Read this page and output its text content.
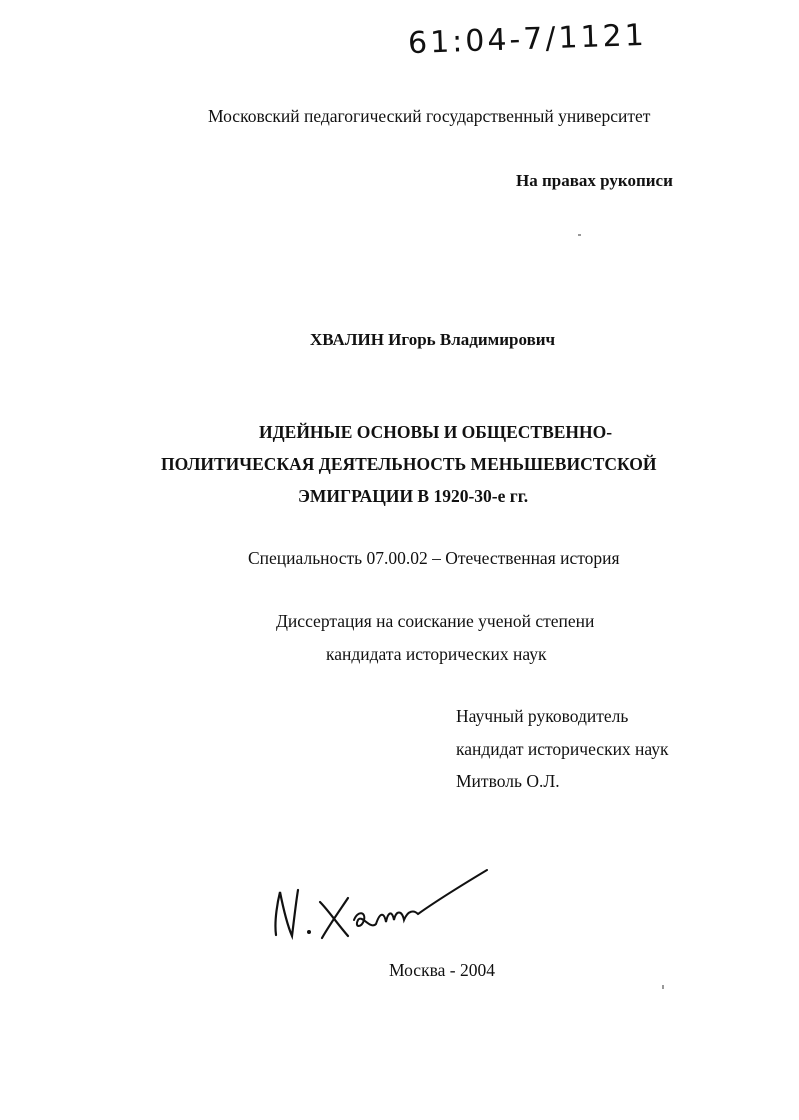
61:04-7/1121
Московский педагогический государственный университет
На правах рукописи
ХВАЛИН Игорь Владимирович
ИДЕЙНЫЕ ОСНОВЫ И ОБЩЕСТВЕННО-
ПОЛИТИЧЕСКАЯ ДЕЯТЕЛЬНОСТЬ МЕНЬШЕВИСТСКОЙ
ЭМИГРАЦИИ В 1920-30-е гг.
Специальность 07.00.02 – Отечественная история
Диссертация на соискание ученой степени
кандидата исторических наук
Научный руководитель
кандидат исторических наук
Митволь О.Л.
Москва - 2004
